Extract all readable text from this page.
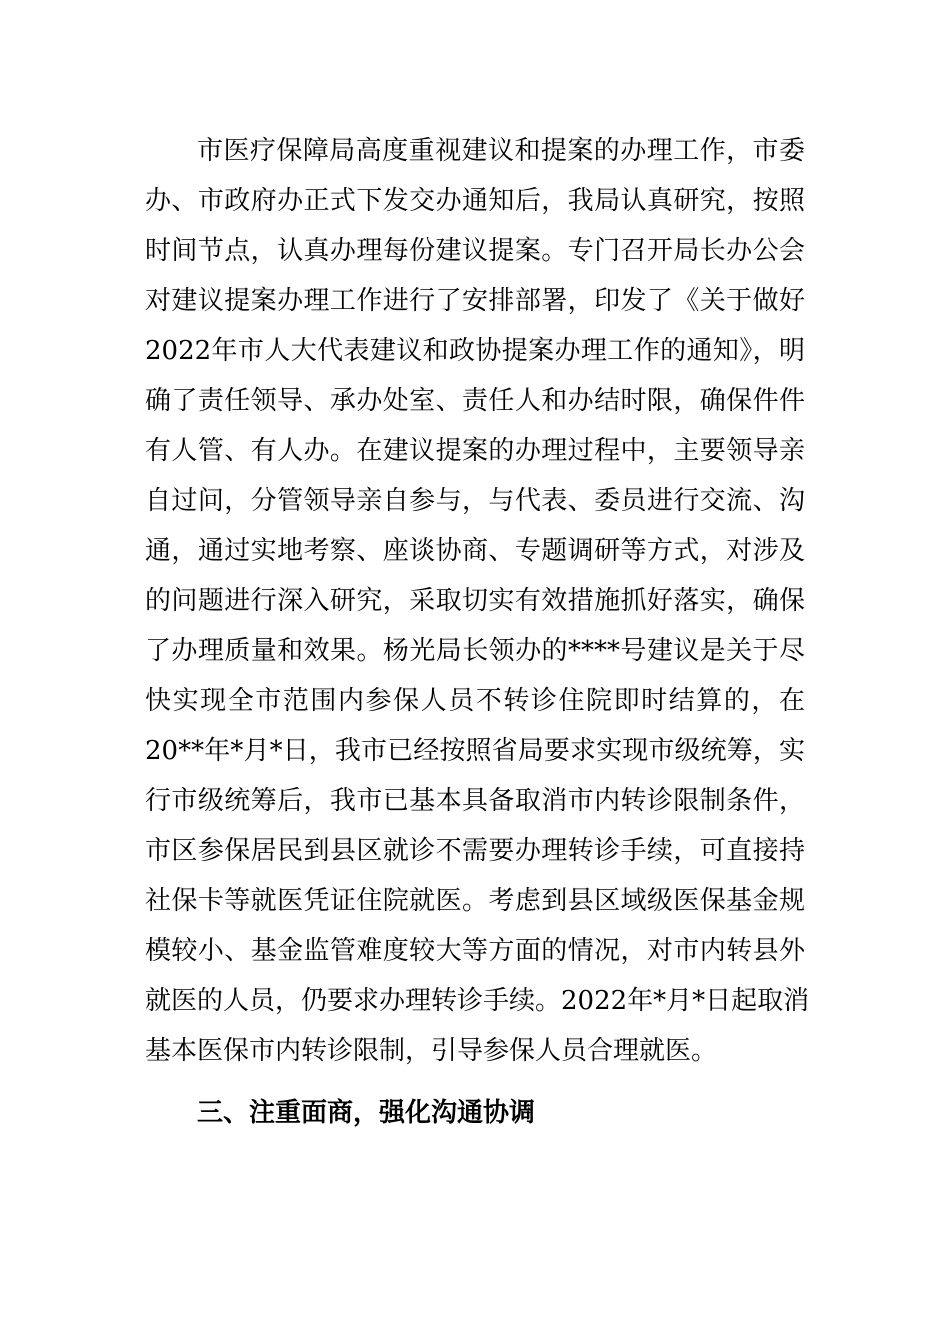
市医疗保障局高度重视建议和提案的办理工作，市委
办、市政府办正式下发交办通知后，我局认真研究，按照
时间节点，认真办理每份建议提案。专门召开局长办公会
对建议提案办理工作进行了安排部署，印发了《关于做好
2022年市人大代表建议和政协提案办理工作的通知》，明
确了责任领导、承办处室、责任人和办结时限，确保件件
有人管、有人办。在建议提案的办理过程中，主要领导亲
自过问，分管领导亲自参与，与代表、委员进行交流、沟
通，通过实地考察、座谈协商、专题调研等方式，对涉及
的问题进行深入研究，采取切实有效措施抓好落实，确保
了办理质量和效果。杨光局长领办的****号建议是关于尽
快实现全市范围内参保人员不转诊住院即时结算的，在
20**年*月*日，我市已经按照省局要求实现市级统筹，实
行市级统筹后，我市已基本具备取消市内转诊限制条件，
市区参保居民到县区就诊不需要办理转诊手续，可直接持
社保卡等就医凭证住院就医。考虑到县区域级医保基金规
模较小、基金监管难度较大等方面的情况，对市内转县外
就医的人员，仍要求办理转诊手续。2022年*月*日起取消
基本医保市内转诊限制，引导参保人员合理就医。
三、注重面商，强化沟通协调
